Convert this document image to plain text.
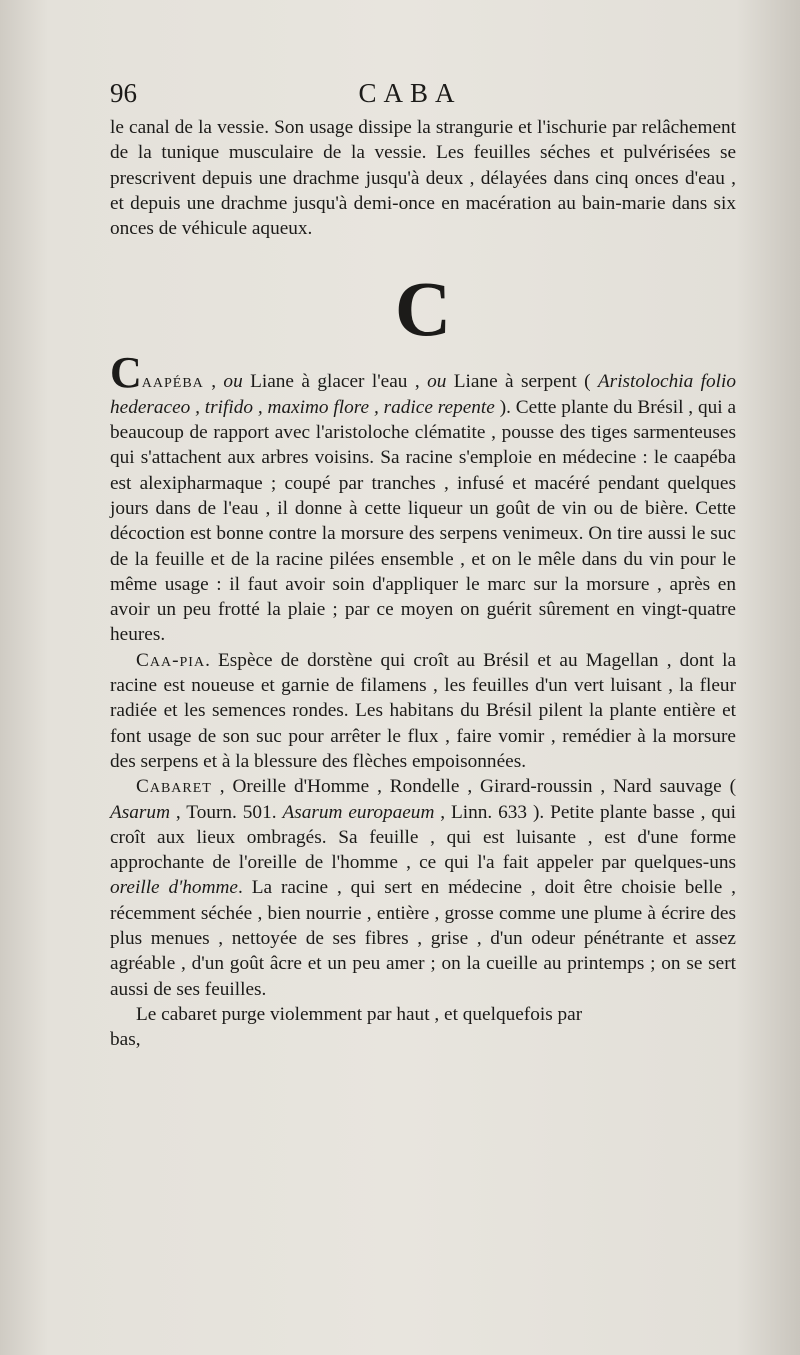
96	CABA

le canal de la vessie. Son usage dissipe la strangurie et l'ischurie par relâchement de la tunique musculaire de la vessie. Les feuilles séches et pulvérisées se prescrivent depuis une drachme jusqu'à deux , délayées dans cinq onces d'eau , et depuis une drachme jusqu'à demi-once en macération au bain-marie dans six onces de véhicule aqueux.

C

Caapéba , ou Liane à glacer l'eau , ou Liane à serpent ( Aristolochia folio hederaceo , trifido , maximo flore , radice repente ). Cette plante du Brésil , qui a beaucoup de rapport avec l'aristoloche clématite , pousse des tiges sarmenteuses qui s'attachent aux arbres voisins. Sa racine s'emploie en médecine : le caapéba est alexipharmaque ; coupé par tranches , infusé et macéré pendant quelques jours dans de l'eau , il donne à cette liqueur un goût de vin ou de bière. Cette décoction est bonne contre la morsure des serpens venimeux. On tire aussi le suc de la feuille et de la racine pilées ensemble , et on le mêle dans du vin pour le même usage : il faut avoir soin d'appliquer le marc sur la morsure , après en avoir un peu frotté la plaie ; par ce moyen on guérit sûrement en vingt-quatre heures.

Caa-pia. Espèce de dorstène qui croît au Brésil et au Magellan , dont la racine est noueuse et garnie de filamens , les feuilles d'un vert luisant , la fleur radiée et les semences rondes. Les habitans du Brésil pilent la plante entière et font usage de son suc pour arrêter le flux , faire vomir , remédier à la morsure des serpens et à la blessure des flèches empoisonnées.

Cabaret , Oreille d'Homme , Rondelle , Girard-roussin , Nard sauvage ( Asarum , Tourn. 501. Asarum europaeum , Linn. 633 ). Petite plante basse , qui croît aux lieux ombragés. Sa feuille , qui est luisante , est d'une forme approchante de l'oreille de l'homme , ce qui l'a fait appeler par quelques-uns oreille d'homme. La racine , qui sert en médecine , doit être choisie belle , récemment séchée , bien nourrie , entière , grosse comme une plume à écrire des plus menues , nettoyée de ses fibres , grise , d'un odeur pénétrante et assez agréable , d'un goût âcre et un peu amer ; on la cueille au printemps ; on se sert aussi de ses feuilles.

Le cabaret purge violemment par haut , et quelquefois par

bas,
